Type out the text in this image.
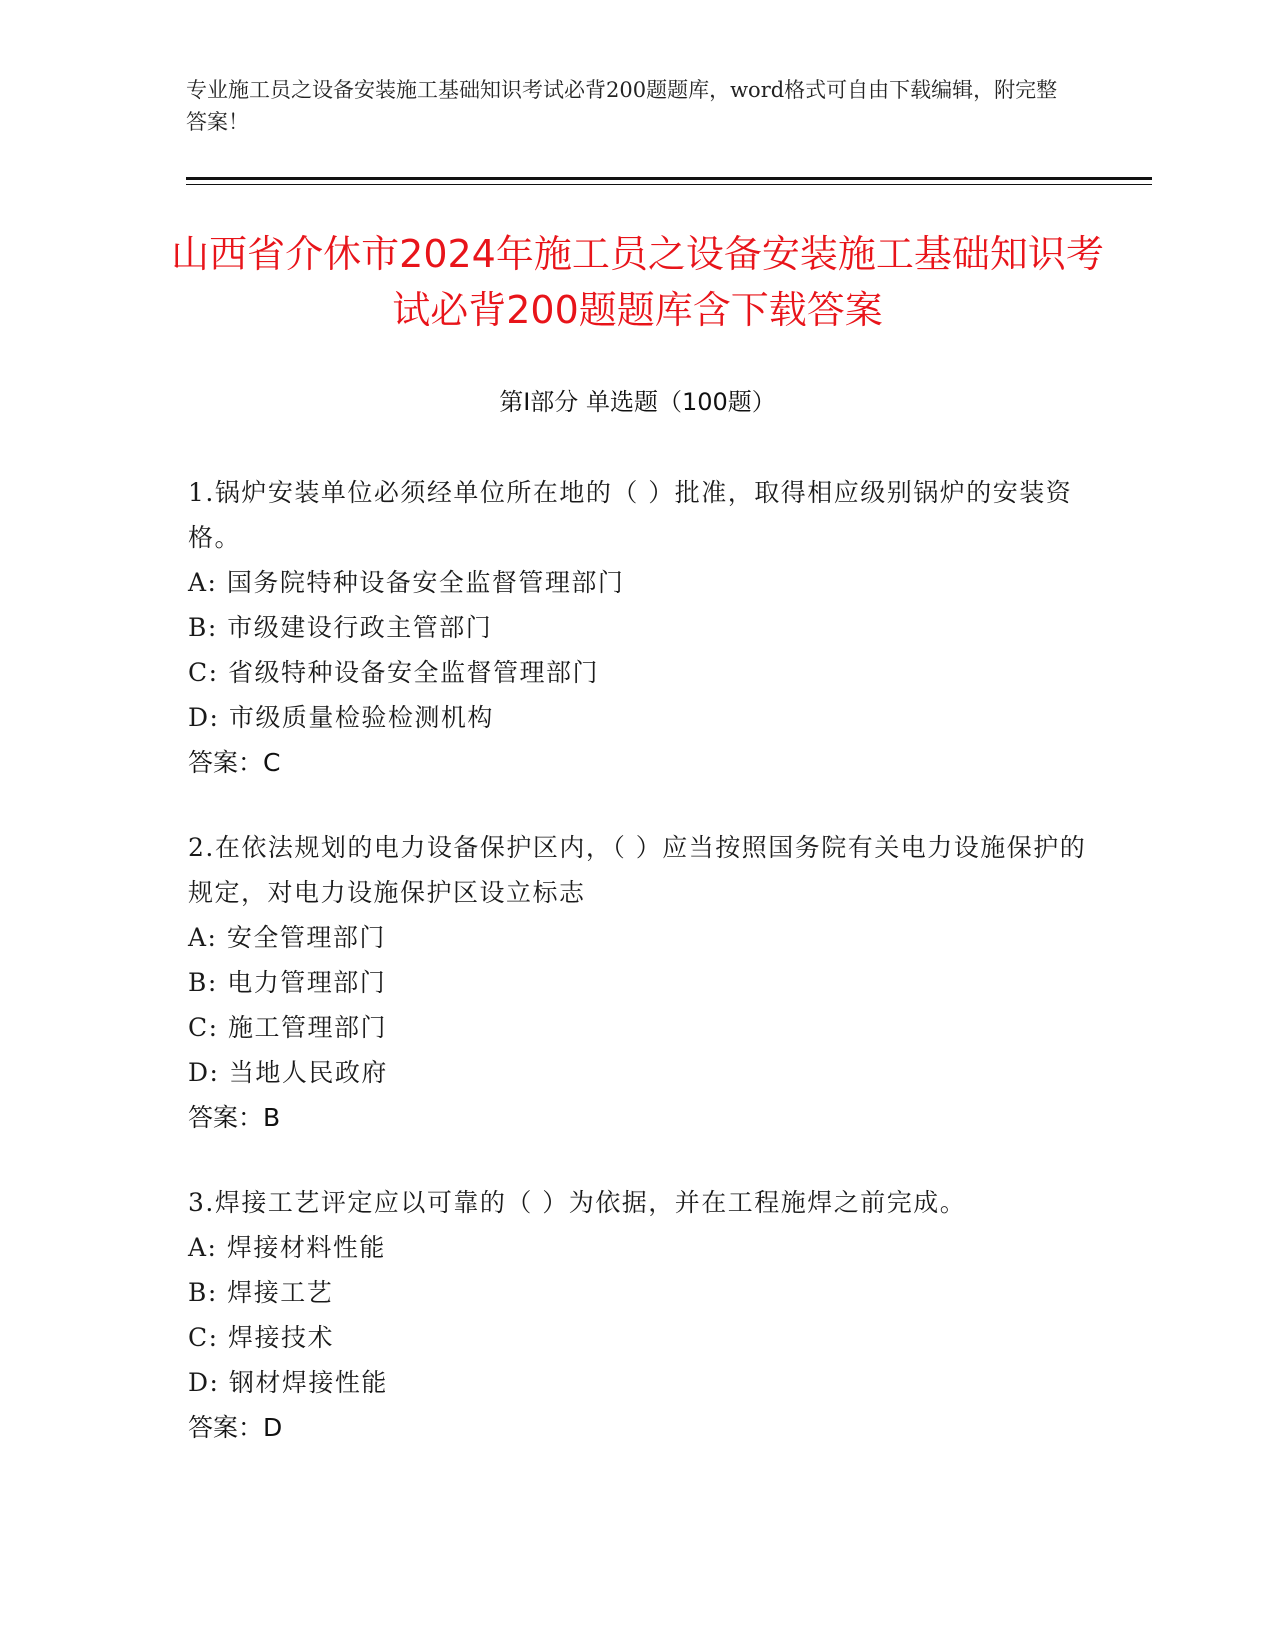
专业施工员之设备安装施工基础知识考试必背200题题库，word格式可自由下载编辑，附完整答案！
山西省介休市2024年施工员之设备安装施工基础知识考试必背200题题库含下载答案
第I部分 单选题（100题）
1.锅炉安装单位必须经单位所在地的（ ）批准，取得相应级别锅炉的安装资格。
A: 国务院特种设备安全监督管理部门
B: 市级建设行政主管部门
C: 省级特种设备安全监督管理部门
D: 市级质量检验检测机构
答案：C
2.在依法规划的电力设备保护区内，（ ）应当按照国务院有关电力设施保护的规定，对电力设施保护区设立标志
A: 安全管理部门
B: 电力管理部门
C: 施工管理部门
D: 当地人民政府
答案：B
3.焊接工艺评定应以可靠的（ ）为依据，并在工程施焊之前完成。
A: 焊接材料性能
B: 焊接工艺
C: 焊接技术
D: 钢材焊接性能
答案：D
